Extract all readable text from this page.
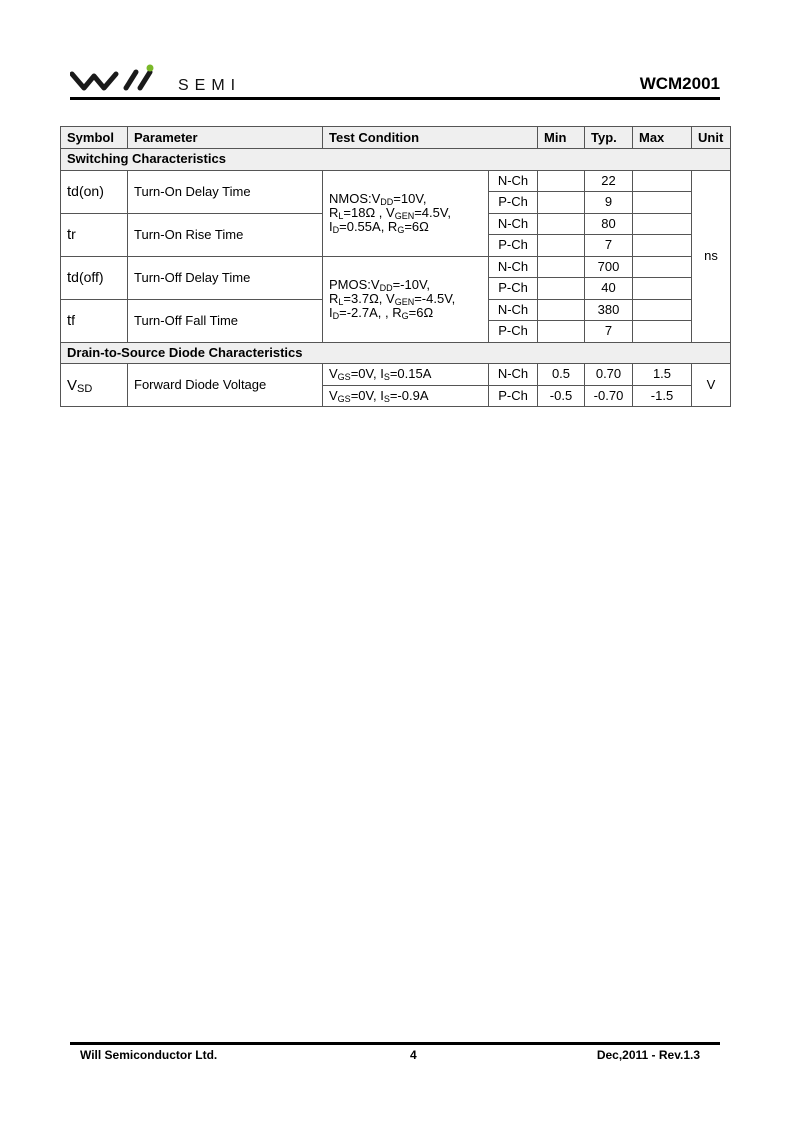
SEMI	WCM2001
Symbol	Parameter	Test Condition		Min	Typ.	Max	Unit
Switching Characteristics							
td(on)	Turn-On Delay Time	$NMOS:V_{DD}=10V$,
$R_L=18\Omega$ , $V_{GEN}=4.5V$,
$I_D=0.55A$, $R_G=6\Omega$	N-Ch		22		ns
			P-Ch		9		
tr	Turn-On Rise Time		N-Ch		80		
			P-Ch		7		
td(off)	Turn-Off Delay Time	$PMOS:V_{DD}=-10V$,
$R_L=3.7\Omega$, $V_{GEN}=-4.5V$,
$I_D=-2.7A$, , $R_G=6\Omega$	N-Ch		700		
			P-Ch		40		
tf	Turn-Off Fall Time		N-Ch		380		
			P-Ch		7		
Drain-to-Source Diode Characteristics							
$V_{SD}$	Forward Diode Voltage	$V_{GS}=0V$, $I_S=0.15A$	N-Ch	0.5	0.70	1.5	V
		$V_{GS}=0V$, $I_S=-0.9A$	P-Ch	-0.5	-0.70	-1.5	
Will Semiconductor Ltd.	4	Dec,2011 - Rev.1.3
